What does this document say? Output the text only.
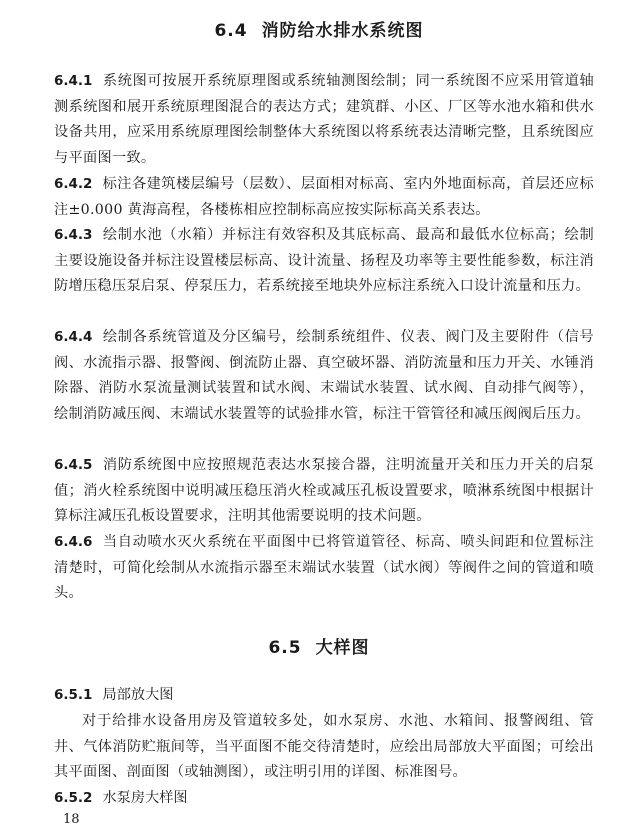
6.4 消防给水排水系统图
6.4.1 系统图可按展开系统原理图或系统轴测图绘制；同一系统图不应采用管道轴测系统图和展开系统原理图混合的表达方式；建筑群、小区、厂区等水池水箱和供水设备共用，应采用系统原理图绘制整体大系统图以将系统表达清晰完整，且系统图应与平面图一致。
6.4.2 标注各建筑楼层编号（层数）、层面相对标高、室内外地面标高，首层还应标注±0.000 黄海高程，各楼栋相应控制标高应按实际标高关系表达。
6.4.3 绘制水池（水箱）并标注有效容积及其底标高、最高和最低水位标高；绘制主要设施设备并标注设置楼层标高、设计流量、扬程及功率等主要性能参数，标注消防增压稳压泵启泵、停泵压力，若系统接至地块外应标注系统入口设计流量和压力。
6.4.4 绘制各系统管道及分区编号，绘制系统组件、仪表、阀门及主要附件（信号阀、水流指示器、报警阀、倒流防止器、真空破坏器、消防流量和压力开关、水锤消除器、消防水泵流量测试装置和试水阀、末端试水装置、试水阀、自动排气阀等），绘制消防减压阀、末端试水装置等的试验排水管，标注干管管径和减压阀阀后压力。
6.4.5 消防系统图中应按照规范表达水泵接合器，注明流量开关和压力开关的启泵值；消火栓系统图中说明减压稳压消火栓或减压孔板设置要求，喷淋系统图中根据计算标注减压孔板设置要求，注明其他需要说明的技术问题。
6.4.6 当自动喷水灭火系统在平面图中已将管道管径、标高、喷头间距和位置标注清楚时，可简化绘制从水流指示器至末端试水装置（试水阀）等阀件之间的管道和喷头。
6.5 大样图
6.5.1 局部放大图
对于给排水设备用房及管道较多处，如水泵房、水池、水箱间、报警阀组、管井、气体消防贮瓶间等，当平面图不能交待清楚时，应绘出局部放大平面图；可绘出其平面图、剖面图（或轴测图），或注明引用的详图、标准图号。
6.5.2 水泵房大样图
18
